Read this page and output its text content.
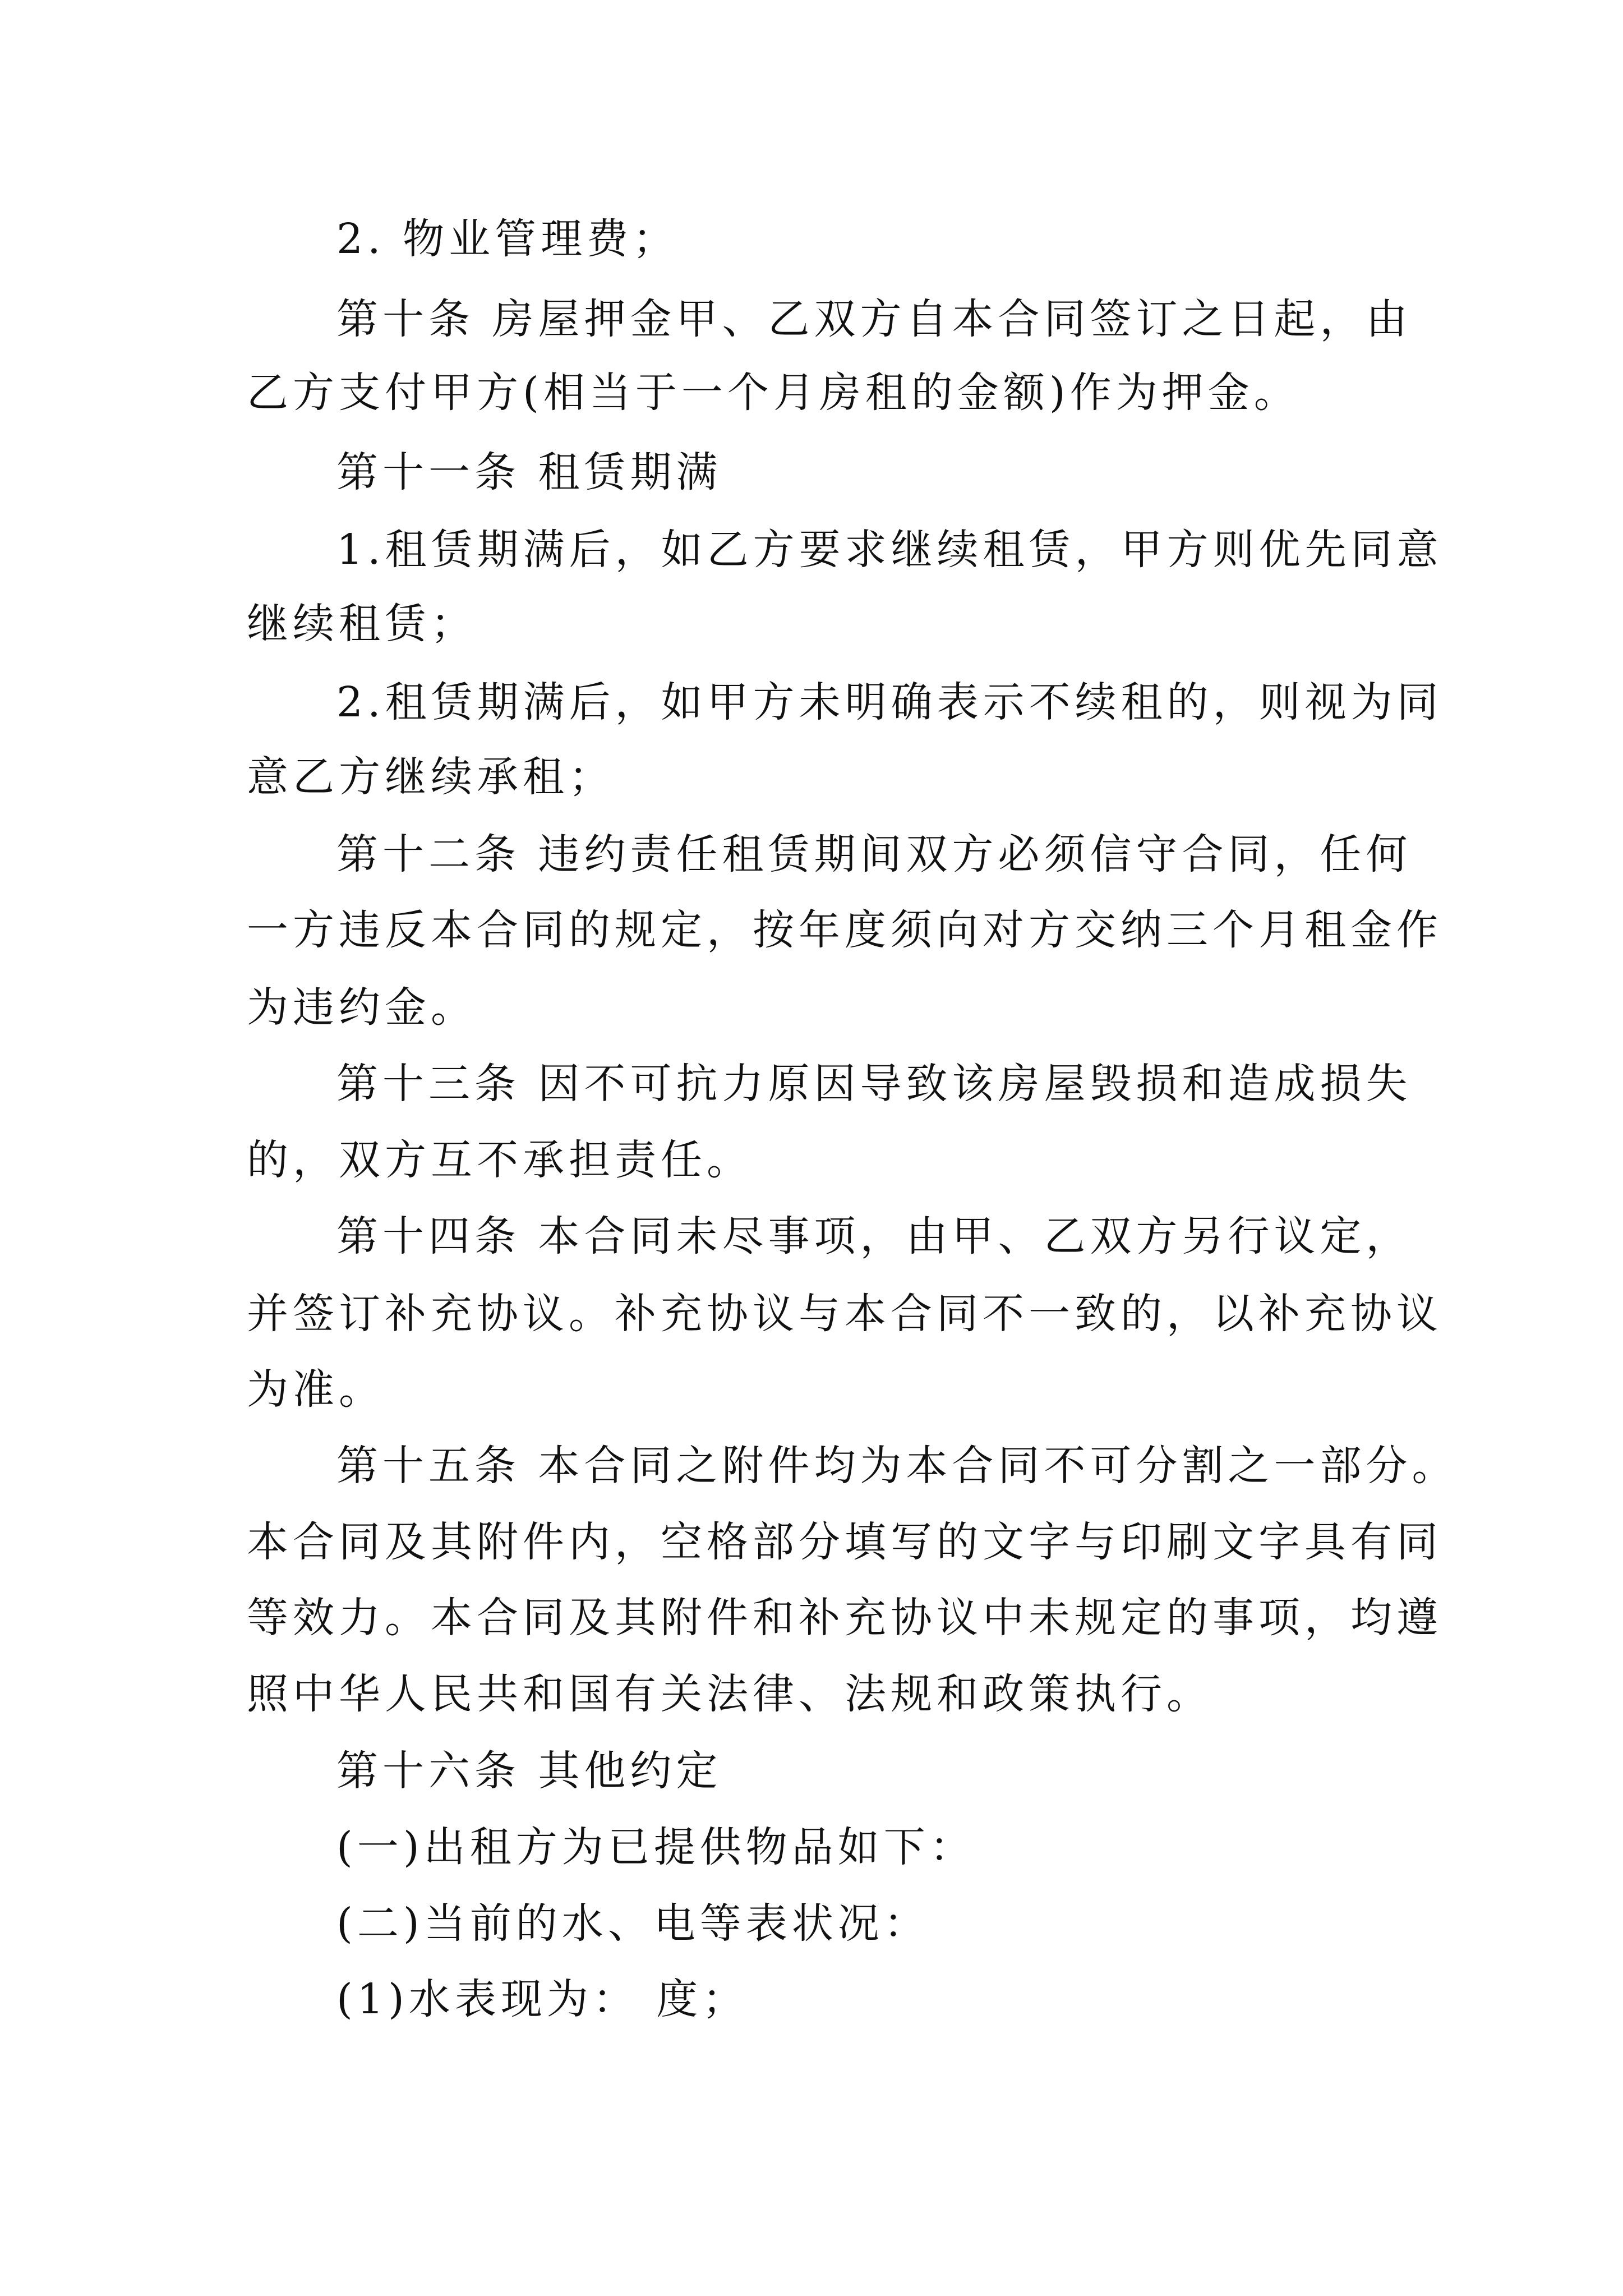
2. 物业管理费；
第十条 房屋押金甲、乙双方自本合同签订之日起，由
乙方支付甲方(相当于一个月房租的金额)作为押金。
第十一条 租赁期满
1.租赁期满后，如乙方要求继续租赁，甲方则优先同意
继续租赁；
2.租赁期满后，如甲方未明确表示不续租的，则视为同
意乙方继续承租；
第十二条 违约责任租赁期间双方必须信守合同，任何
一方违反本合同的规定，按年度须向对方交纳三个月租金作
为违约金。
第十三条 因不可抗力原因导致该房屋毁损和造成损失
的，双方互不承担责任。
第十四条 本合同未尽事项，由甲、乙双方另行议定，
并签订补充协议。补充协议与本合同不一致的，以补充协议
为准。
第十五条 本合同之附件均为本合同不可分割之一部分。
本合同及其附件内，空格部分填写的文字与印刷文字具有同
等效力。本合同及其附件和补充协议中未规定的事项，均遵
照中华人民共和国有关法律、法规和政策执行。
第十六条 其他约定
(一)出租方为已提供物品如下：
(二)当前的水、电等表状况：
(1)水表现为： 度；
